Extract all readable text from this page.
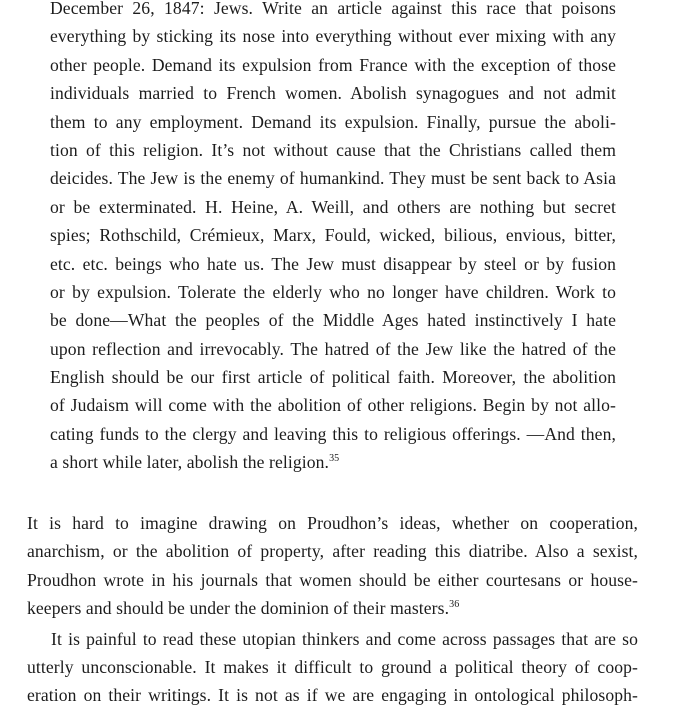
December 26, 1847: Jews. Write an article against this race that poisons
everything by sticking its nose into everything without ever mixing with any
other people. Demand its expulsion from France with the exception of those
individuals married to French women. Abolish synagogues and not admit
them to any employment. Demand its expulsion. Finally, pursue the aboli-
tion of this religion. It’s not without cause that the Christians called them
deicides. The Jew is the enemy of humankind. They must be sent back to Asia
or be exterminated. H. Heine, A. Weill, and others are nothing but secret
spies; Rothschild, Crémieux, Marx, Fould, wicked, bilious, envious, bitter,
etc. etc. beings who hate us. The Jew must disappear by steel or by fusion
or by expulsion. Tolerate the elderly who no longer have children. Work to
be done—What the peoples of the Middle Ages hated instinctively I hate
upon reflection and irrevocably. The hatred of the Jew like the hatred of the
English should be our first article of political faith. Moreover, the abolition
of Judaism will come with the abolition of other religions. Begin by not allo-
cating funds to the clergy and leaving this to religious offerings. —And then,
a short while later, abolish the religion.$^{35}$
It is hard to imagine drawing on Proudhon’s ideas, whether on cooperation,
anarchism, or the abolition of property, after reading this diatribe. Also a sexist,
Proudhon wrote in his journals that women should be either courtesans or house-
keepers and should be under the dominion of their masters.$^{36}$
It is painful to read these utopian thinkers and come across passages that are so
utterly unconscionable. It makes it difficult to ground a political theory of coop-
eration on their writings. It is not as if we are engaging in ontological philosoph-
